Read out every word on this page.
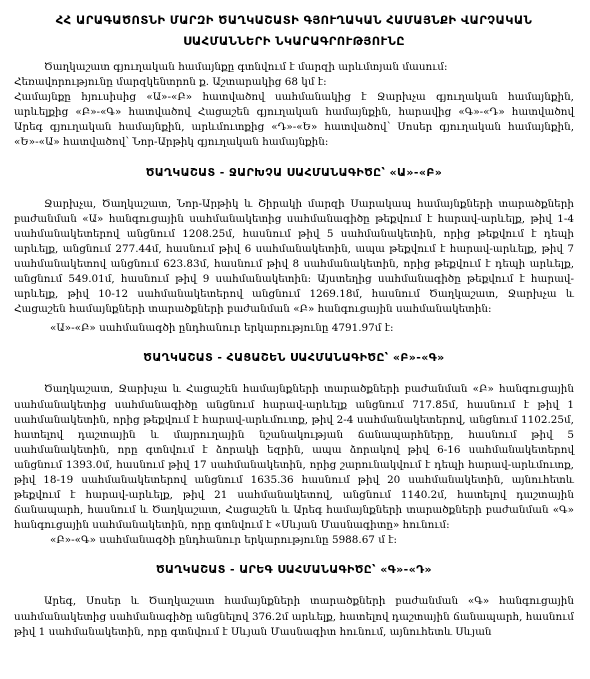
ՀՀ ԱՐԱԳԱԾՈՏՆԻ ՄԱՐԶԻ ԾԱՂԿԱՇԱՏԻ ԳՅՈՒՂԱԿԱՆ ՀԱՄԱՅՆՔԻ ՎԱՐՉԱԿԱՆ
ՍԱՀՄԱՆՆԵՐԻ ՆԿԱՐԱԳՐՈՒԹՅՈՒՆԸ

Ծաղկաշատ գյուղական համայնքը գտնվում է մարզի արևմտյան մասում:

Հեռավորությունը մարզկենտրոն ք. Աշտարակից 68 կմ է:

Համայնքը հյուսիսից «Ա»-«Բ» հատվածով սահմանակից է Ջարխչա գյուղական համայնքին, արևելքից «Բ»-«Գ» հատվածով Հացաշեն գյուղական համայնքին, հարավից «Գ»-«Դ» հատվածով Արեգ գյուղական համայնքին, արևմուտքից «Դ»-«Ե» հատվածով՝ Սոսեր գյուղական համայնքին, «Ե»-«Ա» հատվածով՝ Նոր-Արթիկ գյուղական համայնքին:

ԾԱՂԿԱՇԱՏ - ՋԱՐԽՉԱ ՍԱՀՄԱՆԱԳԻԾԸ՝ «Ա»-«Բ»

Ջարխչա, Ծաղկաշատ, Նոր-Արթիկ և Շիրակի մարզի Սարակապ համայնքների տարածքների բաժանման «Ա» հանգուցային սահմանակետից սահմանագիծը թեքվում է հարավ-արևելք, թիվ 1-4 սահմանակետերով անցնում 1208.25մ, հասնում թիվ 5 սահմանակետին, որից թեքվում է դեպի արևելք, անցնում 277.44մ, հասնում թիվ 6 սահմանակետին, ապա թեքվում է հարավ-արևելք, թիվ 7 սահմանակետով անցնում 623.83մ, հասնում թիվ 8 սահմանակետին, որից թեքվում է դեպի արևելք, անցնում 549.01մ, հասնում թիվ 9 սահմանակետին: Այստեղից սահմանագիծը թեքվում է հարավ-արևելք, թիվ 10-12 սահմանակետերով անցնում 1269.18մ, հասնում Ծաղկաշատ, Ջարխչա և Հացաշեն համայնքների տարածքների բաժանման «Բ» հանգուցային սահմանակետին:

«Ա»-«Բ» սահմանագծի ընդհանուր երկարությունը 4791.97մ է:

ԾԱՂԿԱՇԱՏ - ՀԱՑԱՇԵՆ ՍԱՀՄԱՆԱԳԻԾԸ՝ «Բ»-«Գ»

Ծաղկաշատ, Ջարխչա և Հացաշեն համայնքների տարածքների բաժանման «Բ» հանգուցային սահմանակետից սահմանագիծը անցնում հարավ-արևելք անցնում 717.85մ, հասնում է թիվ 1 սահմանակետին, որից թեքվում է հարավ-արևմուտք, թիվ 2-4 սահմանակետերով, անցնում 1102.25մ, հատելով դաշտային և մայրուղային նշանակության ճանապարհները, հասնում թիվ 5 սահմանակետին, որը գտնվում է ձորակի եզրին, ապա ձորակով թիվ 6-16 սահմանակետերով անցնում 1393.0մ, հասնում թիվ 17 սահմանակետին, որից շարունակվում է դեպի հարավ-արևմուտք, թիվ 18-19 սահմանակետերով անցնում 1635.36 հասնում թիվ 20 սահմանակետին, այնուհետև թեքվում է հարավ-արևելք, թիվ 21 սահմանակետով, անցնում 1140.2մ, հատելով դաշտային ճանապարհ, հասնում և Ծաղկաշատ, Հացաշեն և Արեգ համայնքների տարածքների բաժանման «Գ» հանգուցային սահմանակետին, որը գտնվում է «Սևյան Մասնագիտը» հունում:

«Բ»-«Գ» սահմանագծի ընդհանուր երկարությունը 5988.67 մ է:

ԾԱՂԿԱՇԱՏ - ԱՐԵԳ ՍԱՀՄԱՆԱԳԻԾԸ՝ «Գ»-«Դ»

Արեգ, Սոսեր և Ծաղկաշատ համայնքների տարածքների բաժանման «Գ» հանգուցային սահմանակետից սահմանագիծը անցնելով 376.2մ արևելք, հատելով դաշտային ճանապարհ, հասնում թիվ 1 սահմանակետին, որը գտնվում է Սևյան Մասնագիտ հունում, այնուհետև Սևյան
